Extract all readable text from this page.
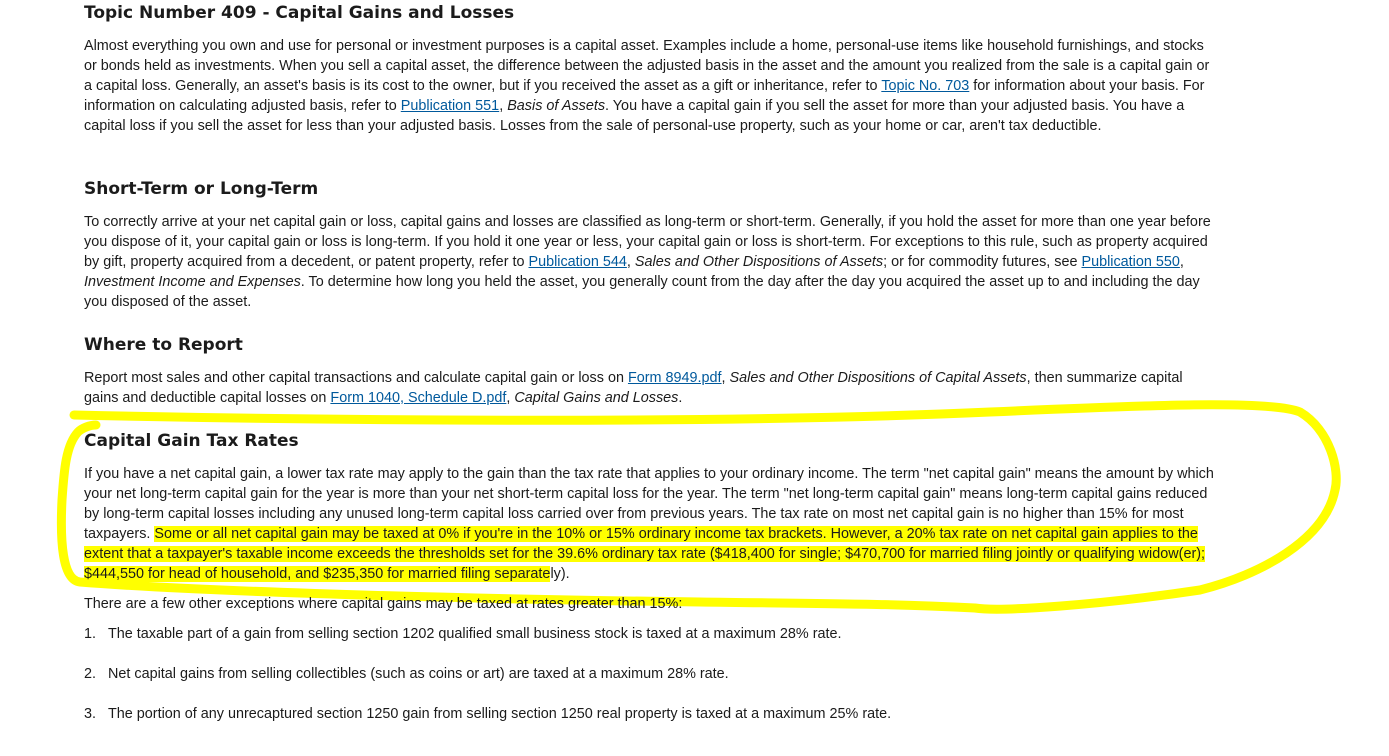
Topic Number 409 - Capital Gains and Losses

Almost everything you own and use for personal or investment purposes is a capital asset. Examples include a home, personal-use items like household furnishings, and stocks or bonds held as investments. When you sell a capital asset, the difference between the adjusted basis in the asset and the amount you realized from the sale is a capital gain or a capital loss. Generally, an asset's basis is its cost to the owner, but if you received the asset as a gift or inheritance, refer to Topic No. 703 for information about your basis. For information on calculating adjusted basis, refer to Publication 551, Basis of Assets. You have a capital gain if you sell the asset for more than your adjusted basis. You have a capital loss if you sell the asset for less than your adjusted basis. Losses from the sale of personal-use property, such as your home or car, aren't tax deductible.

Short-Term or Long-Term

To correctly arrive at your net capital gain or loss, capital gains and losses are classified as long-term or short-term. Generally, if you hold the asset for more than one year before you dispose of it, your capital gain or loss is long-term. If you hold it one year or less, your capital gain or loss is short-term. For exceptions to this rule, such as property acquired by gift, property acquired from a decedent, or patent property, refer to Publication 544, Sales and Other Dispositions of Assets; or for commodity futures, see Publication 550, Investment Income and Expenses. To determine how long you held the asset, you generally count from the day after the day you acquired the asset up to and including the day you disposed of the asset.

Where to Report

Report most sales and other capital transactions and calculate capital gain or loss on Form 8949.pdf, Sales and Other Dispositions of Capital Assets, then summarize capital gains and deductible capital losses on Form 1040, Schedule D.pdf, Capital Gains and Losses.

Capital Gain Tax Rates

If you have a net capital gain, a lower tax rate may apply to the gain than the tax rate that applies to your ordinary income. The term "net capital gain" means the amount by which your net long-term capital gain for the year is more than your net short-term capital loss for the year. The term "net long-term capital gain" means long-term capital gains reduced by long-term capital losses including any unused long-term capital loss carried over from previous years. The tax rate on most net capital gain is no higher than 15% for most taxpayers. Some or all net capital gain may be taxed at 0% if you're in the 10% or 15% ordinary income tax brackets. However, a 20% tax rate on net capital gain applies to the extent that a taxpayer's taxable income exceeds the thresholds set for the 39.6% ordinary tax rate ($418,400 for single; $470,700 for married filing jointly or qualifying widow(er); $444,550 for head of household, and $235,350 for married filing separately).

There are a few other exceptions where capital gains may be taxed at rates greater than 15%:

1. The taxable part of a gain from selling section 1202 qualified small business stock is taxed at a maximum 28% rate.
2. Net capital gains from selling collectibles (such as coins or art) are taxed at a maximum 28% rate.
3. The portion of any unrecaptured section 1250 gain from selling section 1250 real property is taxed at a maximum 25% rate.
